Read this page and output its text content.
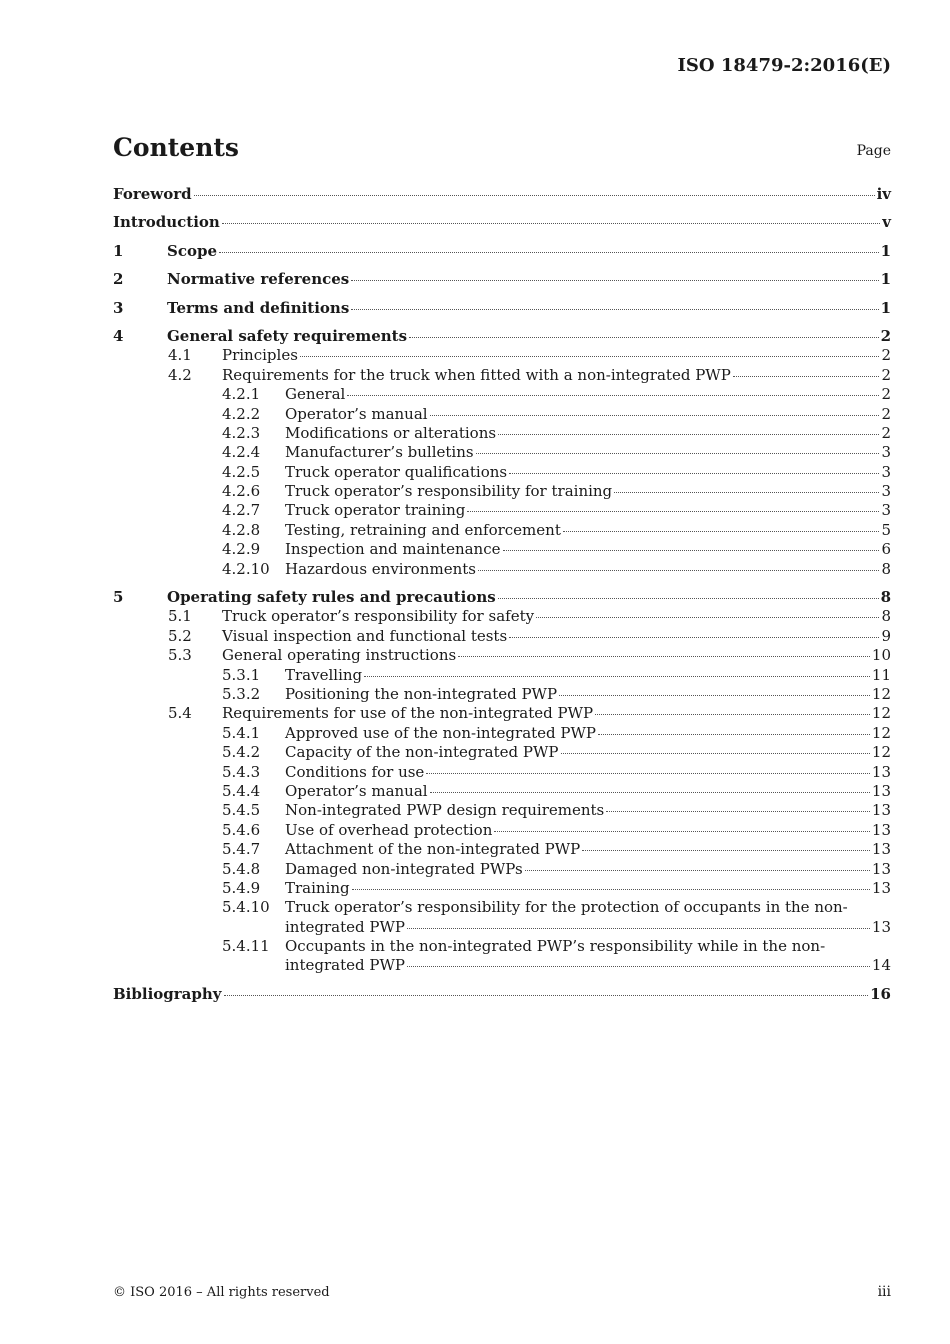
ISO 18479-2:2016(E)
Contents	Page
Foreword	iv
Introduction	v
1	Scope	1
2	Normative references	1
3	Terms and definitions	1
4	General safety requirements	2
4.1 Principles	2
4.2 Requirements for the truck when fitted with a non-integrated PWP	2
4.2.1 General	2
4.2.2 Operator’s manual	2
4.2.3 Modifications or alterations	2
4.2.4 Manufacturer’s bulletins	3
4.2.5 Truck operator qualifications	3
4.2.6 Truck operator’s responsibility for training	3
4.2.7 Truck operator training	3
4.2.8 Testing, retraining and enforcement	5
4.2.9 Inspection and maintenance	6
4.2.10 Hazardous environments	8
5	Operating safety rules and precautions	8
5.1 Truck operator’s responsibility for safety	8
5.2 Visual inspection and functional tests	9
5.3 General operating instructions	10
5.3.1 Travelling	11
5.3.2 Positioning the non-integrated PWP	12
5.4 Requirements for use of the non-integrated PWP	12
5.4.1 Approved use of the non-integrated PWP	12
5.4.2 Capacity of the non-integrated PWP	12
5.4.3 Conditions for use	13
5.4.4 Operator’s manual	13
5.4.5 Non-integrated PWP design requirements	13
5.4.6 Use of overhead protection	13
5.4.7 Attachment of the non-integrated PWP	13
5.4.8 Damaged non-integrated PWPs	13
5.4.9 Training	13
5.4.10 Truck operator’s responsibility for the protection of occupants in the non-
integrated PWP	13
5.4.11 Occupants in the non-integrated PWP’s responsibility while in the non-
integrated PWP	14
Bibliography	16
© ISO 2016 – All rights reserved	iii
